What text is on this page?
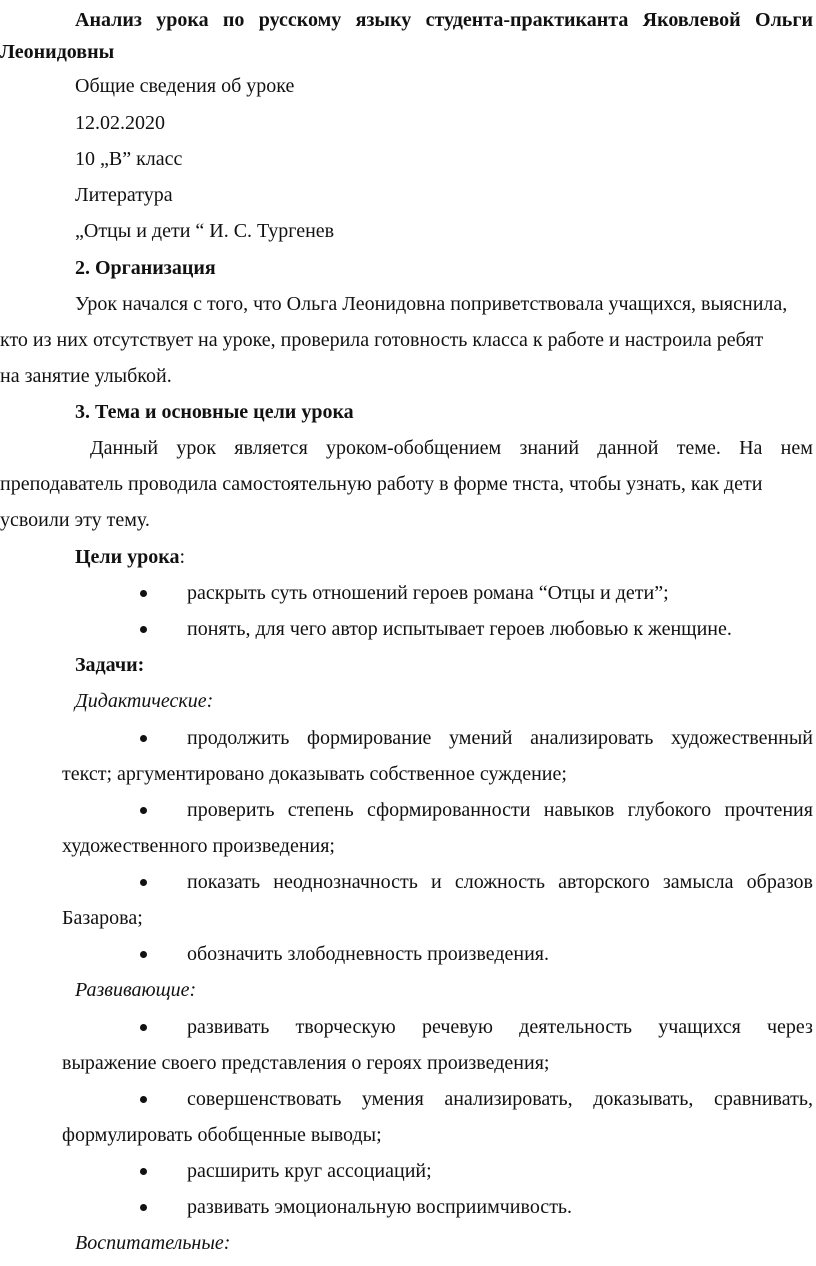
Анализ урока по русскому языку студента-практиканта Яковлевой Ольги
Леонидовны
Общие сведения об уроке
12.02.2020
10 „В” класс
Литература
„Отцы и дети “ И. С. Тургенев
2. Организация
Урок начался с того, что Ольга Леонидовна поприветствовала учащихся, выяснила,
кто из них отсутствует на уроке, проверила готовность класса к работе и настроила ребят
на занятие улыбкой.
3. Тема и основные цели урока
Данный урок является уроком-обобщением знаний данной теме. На нем
преподаватель проводила самостоятельную работу в форме тнста, чтобы узнать, как дети
усвоили эту тему.
Цели урока:
раскрыть суть отношений героев романа “Отцы и дети”;
понять, для чего автор испытывает героев любовью к женщине.
Задачи:
Дидактические:
продолжить формирование умений анализировать художественный
текст; аргументировано доказывать собственное суждение;
проверить степень сформированности навыков глубокого прочтения
художественного произведения;
показать неоднозначность и сложность авторского замысла образов
Базарова;
обозначить злободневность произведения.
Развивающие:
развивать творческую речевую деятельность учащихся через
выражение своего представления о героях произведения;
совершенствовать умения анализировать, доказывать, сравнивать,
формулировать обобщенные выводы;
расширить круг ассоциаций;
развивать эмоциональную восприимчивость.
Воспитательные:
